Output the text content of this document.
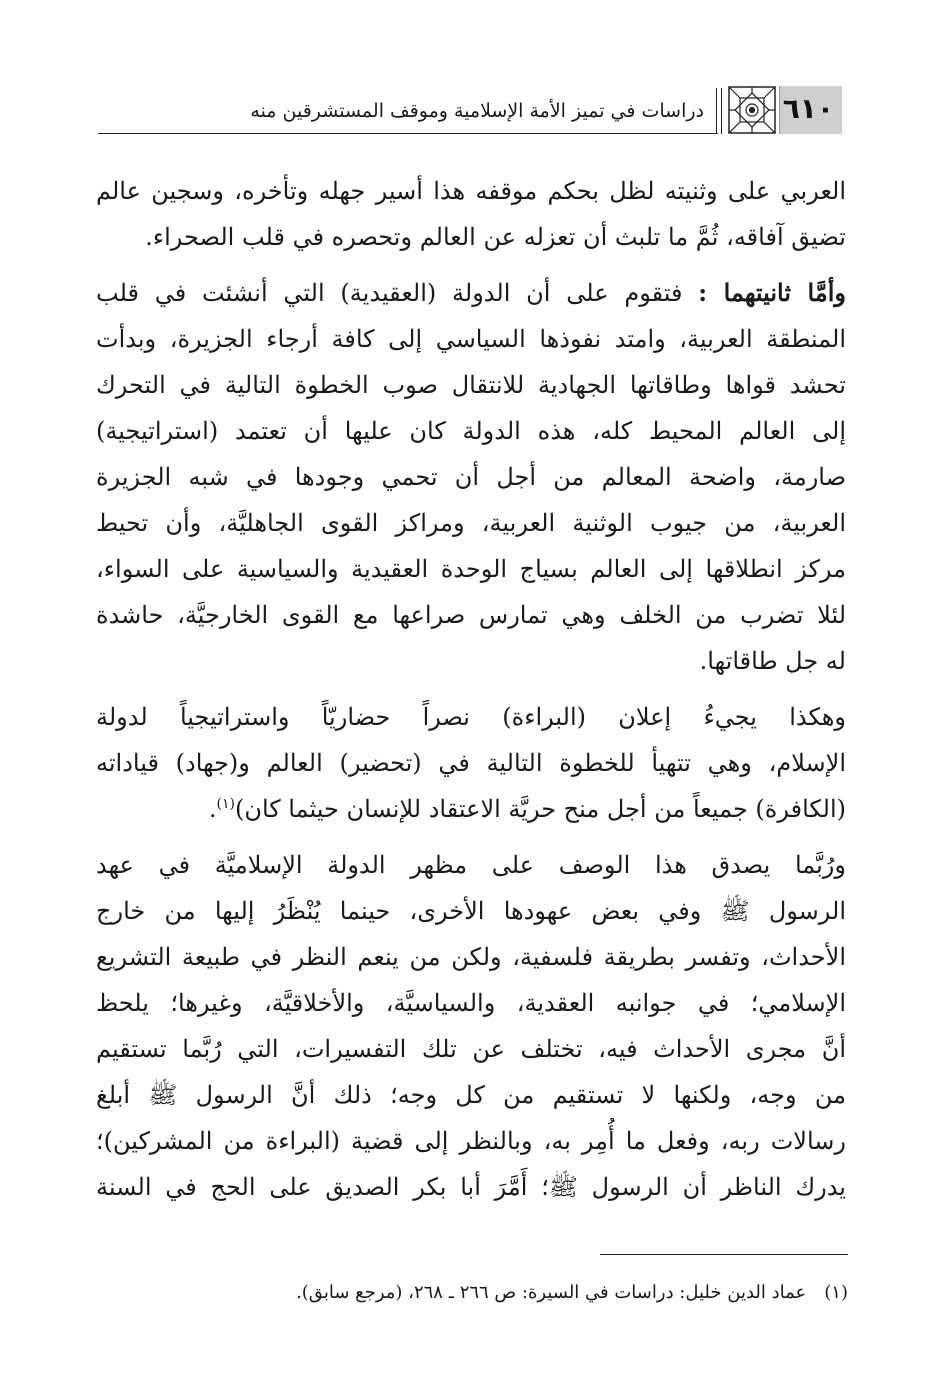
دراسات في تميز الأمة الإسلامية وموقف المستشرقين منه	٦١٠
العربي على وثنيته لظل بحكم موقفه هذا أسير جهله وتأخره، وسجين عالم
تضيق آفاقه، ثُمَّ ما تلبث أن تعزله عن العالم وتحصره في قلب الصحراء.
وأمَّا ثانيتهما : فتقوم على أن الدولة (العقيدية) التي أنشئت في قلب
المنطقة العربية، وامتد نفوذها السياسي إلى كافة أرجاء الجزيرة، وبدأت
تحشد قواها وطاقاتها الجهادية للانتقال صوب الخطوة التالية في التحرك
إلى العالم المحيط كله، هذه الدولة كان عليها أن تعتمد (استراتيجية)
صارمة، واضحة المعالم من أجل أن تحمي وجودها في شبه الجزيرة
العربية، من جيوب الوثنية العربية، ومراكز القوى الجاهليَّة، وأن تحيط
مركز انطلاقها إلى العالم بسياج الوحدة العقيدية والسياسية على السواء،
لئلا تضرب من الخلف وهي تمارس صراعها مع القوى الخارجيَّة، حاشدة
له جل طاقاتها.
وهكذا يجيءُ إعلان (البراءة) نصراً حضاريّاً واستراتيجياً لدولة
الإسلام، وهي تتهيأ للخطوة التالية في (تحضير) العالم و(جهاد) قياداته
(الكافرة) جميعاً من أجل منح حريَّة الاعتقاد للإنسان حيثما كان)$^{(١)}$.
ورُبَّما يصدق هذا الوصف على مظهر الدولة الإسلاميَّة في عهد
الرسول ﷺ وفي بعض عهودها الأخرى، حينما يُنْظَرُ إليها من خارج
الأحداث، وتفسر بطريقة فلسفية، ولكن من ينعم النظر في طبيعة التشريع
الإسلامي؛ في جوانبه العقدية، والسياسيَّة، والأخلاقيَّة، وغيرها؛ يلحظ
أنَّ مجرى الأحداث فيه، تختلف عن تلك التفسيرات، التي رُبَّما تستقيم
من وجه، ولكنها لا تستقيم من كل وجه؛ ذلك أنَّ الرسول ﷺ أبلغ
رسالات ربه، وفعل ما أُمِر به، وبالنظر إلى قضية (البراءة من المشركين)؛
يدرك الناظر أن الرسول ﷺ؛ أَمَّرَ أبا بكر الصديق على الحج في السنة
(١)عماد الدين خليل: دراسات في السيرة: ص ٢٦٦ ـ ٢٦٨، (مرجع سابق).
